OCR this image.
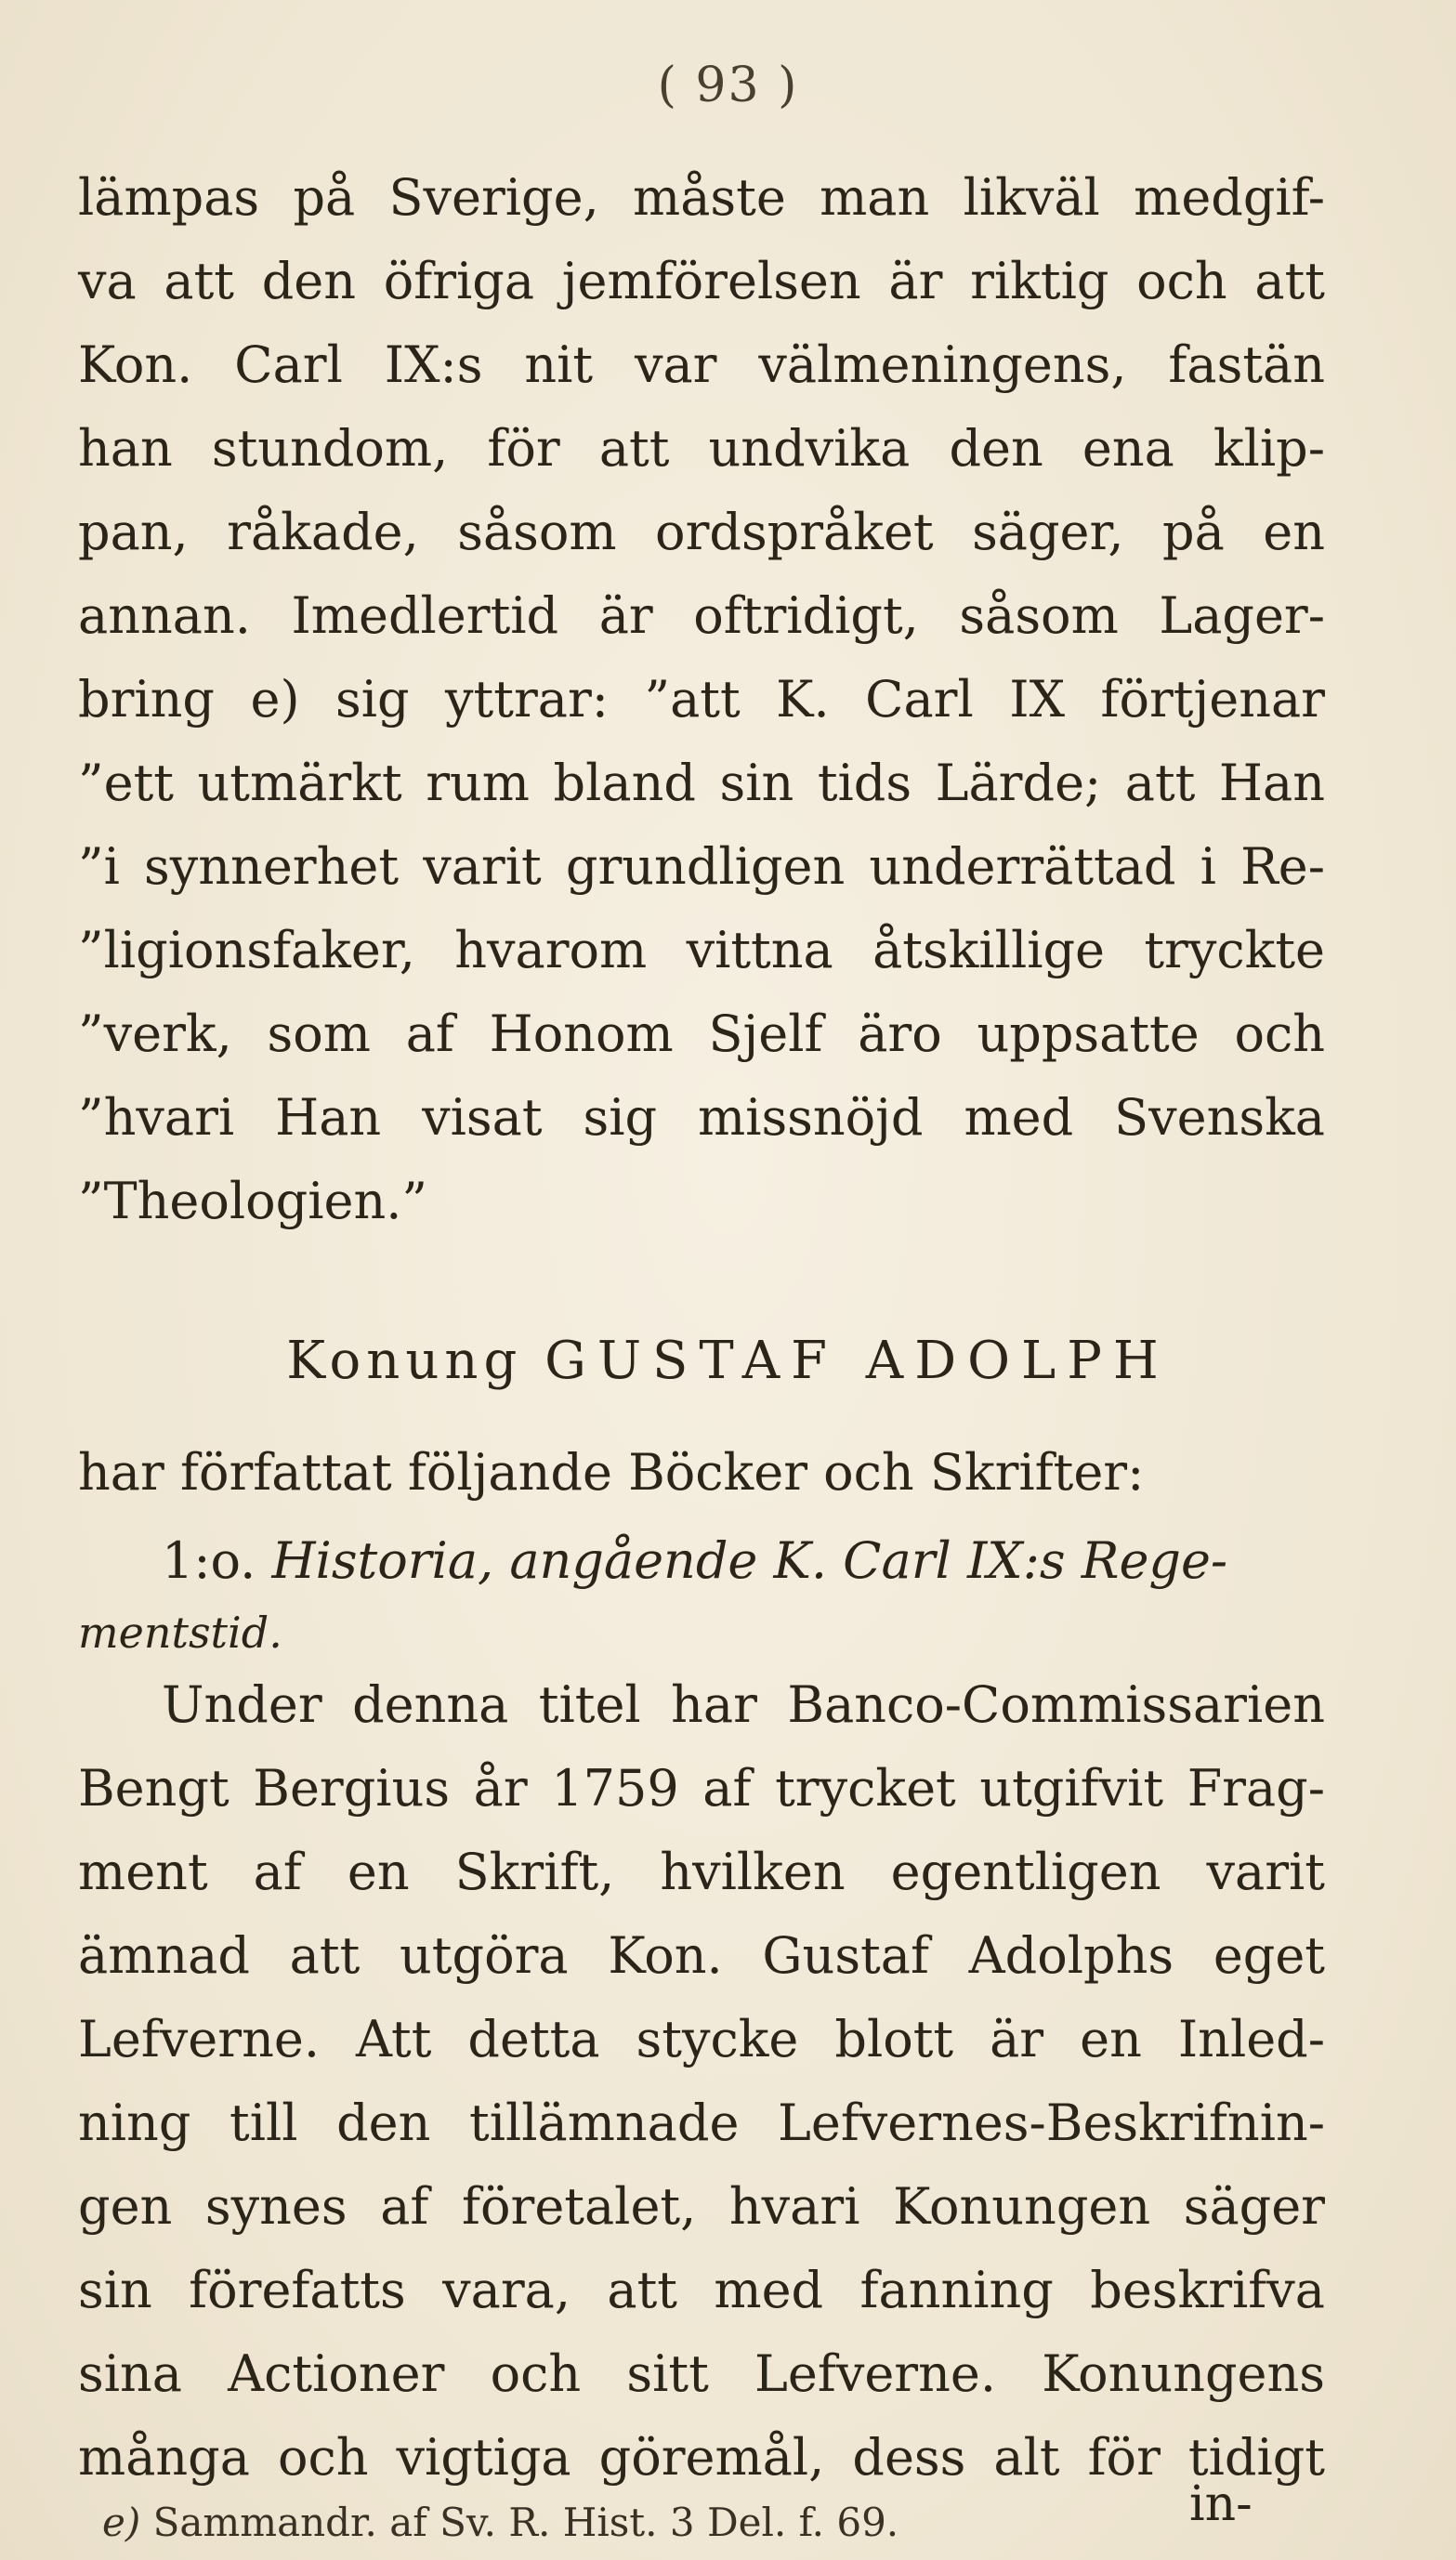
( 93 )
lämpas på Sverige, måste man likväl medgif-
va att den öfriga jemförelsen är riktig och att
Kon. Carl IX:s nit var välmeningens, fastän
han stundom, för att undvika den ena klip-
pan, råkade, såsom ordspråket säger, på en
annan. Imedlertid är oftridigt, såsom Lager-
bring e) sig yttrar: ”att K. Carl IX förtjenar
”ett utmärkt rum bland sin tids Lärde; att Han
”i synnerhet varit grundligen underrättad i Re-
”ligionsfaker, hvarom vittna åtskillige tryckte
”verk, som af Honom Sjelf äro uppsatte och
”hvari Han visat sig missnöjd med Svenska
”Theologien.”
Konung GUSTAF ADOLPH
har författat följande Böcker och Skrifter:
1:o. Historia, angående K. Carl IX:s Rege-
mentstid.
Under denna titel har Banco-Commissarien
Bengt Bergius år 1759 af trycket utgifvit Frag-
ment af en Skrift, hvilken egentligen varit
ämnad att utgöra Kon. Gustaf Adolphs eget
Lefverne. Att detta stycke blott är en Inled-
ning till den tillämnade Lefvernes-Beskrifnin-
gen synes af företalet, hvari Konungen säger
sin förefatts vara, att med fanning beskrifva
sina Actioner och sitt Lefverne. Konungens
många och vigtiga göremål, dess alt för tidigt
in-
e) Sammandr. af Sv. R. Hist. 3 Del. f. 69.
